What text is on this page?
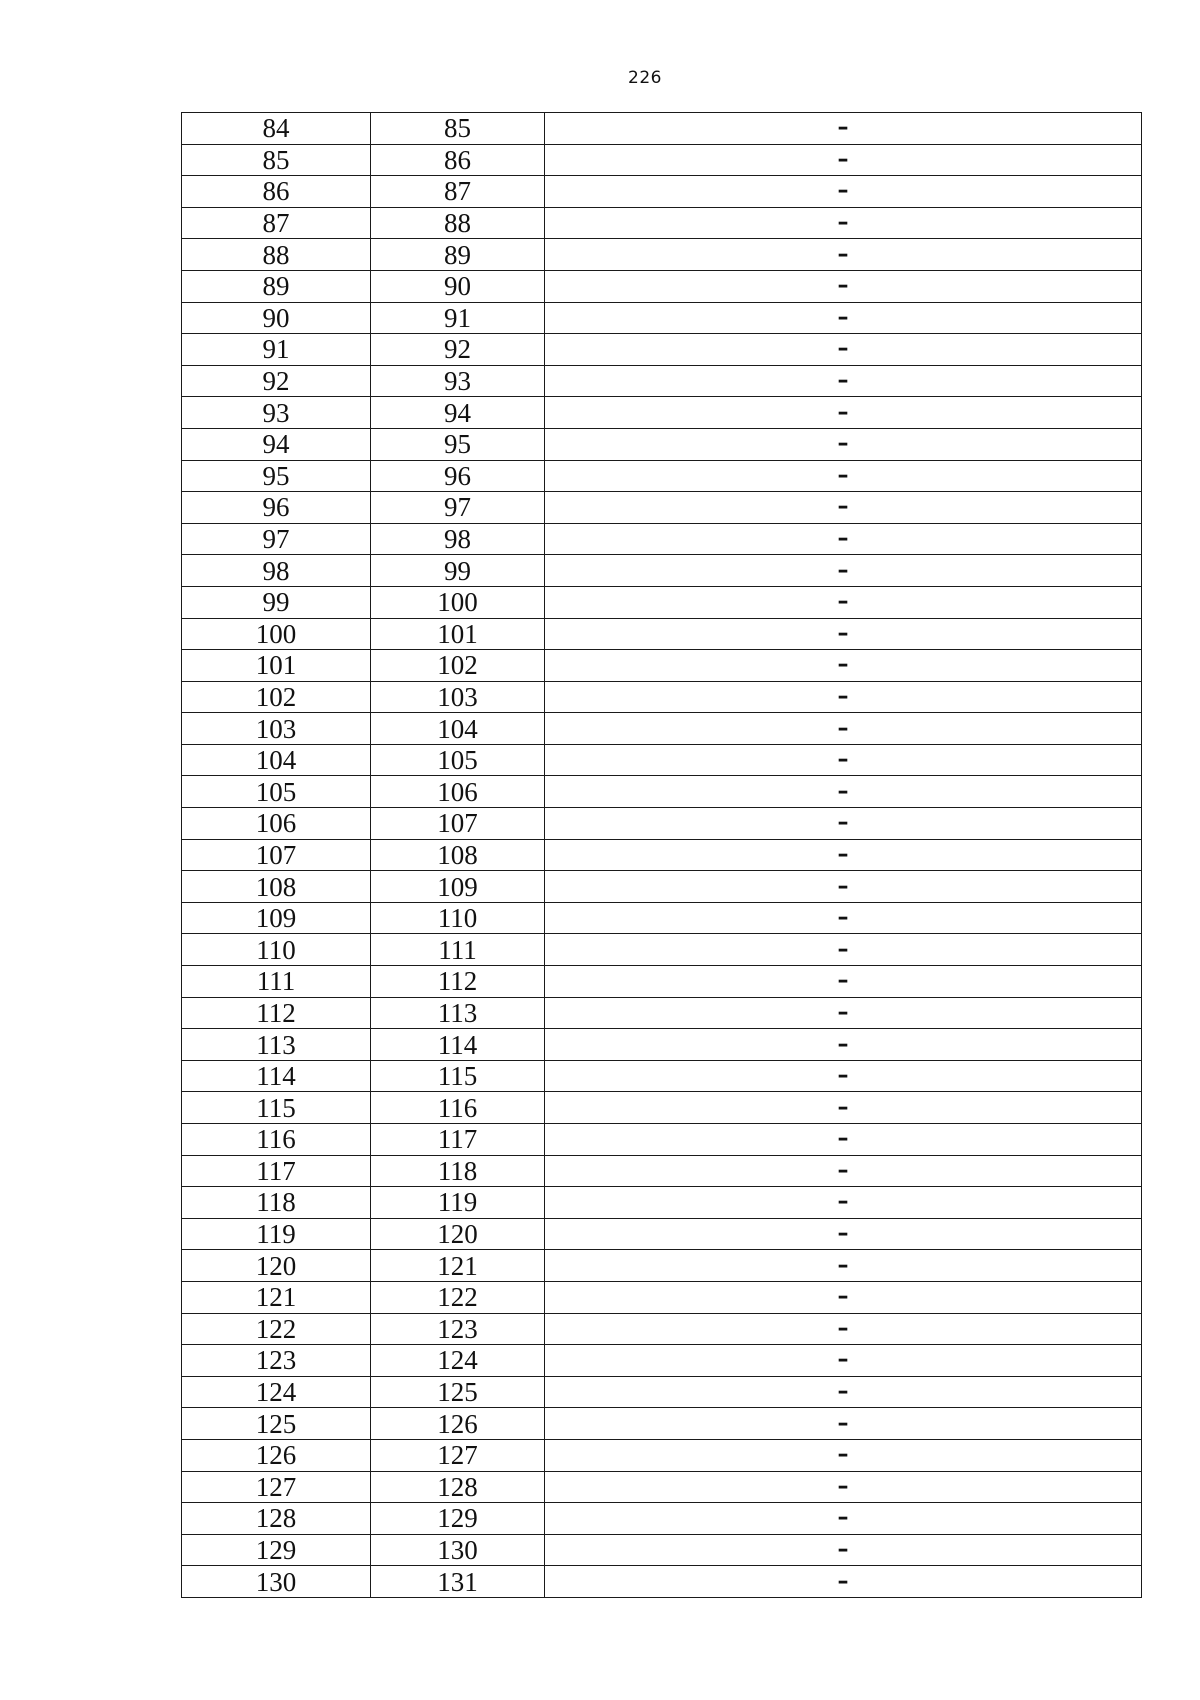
226
84	85	–
85	86	–
86	87	–
87	88	–
88	89	–
89	90	–
90	91	–
91	92	–
92	93	–
93	94	–
94	95	–
95	96	–
96	97	–
97	98	–
98	99	–
99	100	–
100	101	–
101	102	–
102	103	–
103	104	–
104	105	–
105	106	–
106	107	–
107	108	–
108	109	–
109	110	–
110	111	–
111	112	–
112	113	–
113	114	–
114	115	–
115	116	–
116	117	–
117	118	–
118	119	–
119	120	–
120	121	–
121	122	–
122	123	–
123	124	–
124	125	–
125	126	–
126	127	–
127	128	–
128	129	–
129	130	–
130	131	–
